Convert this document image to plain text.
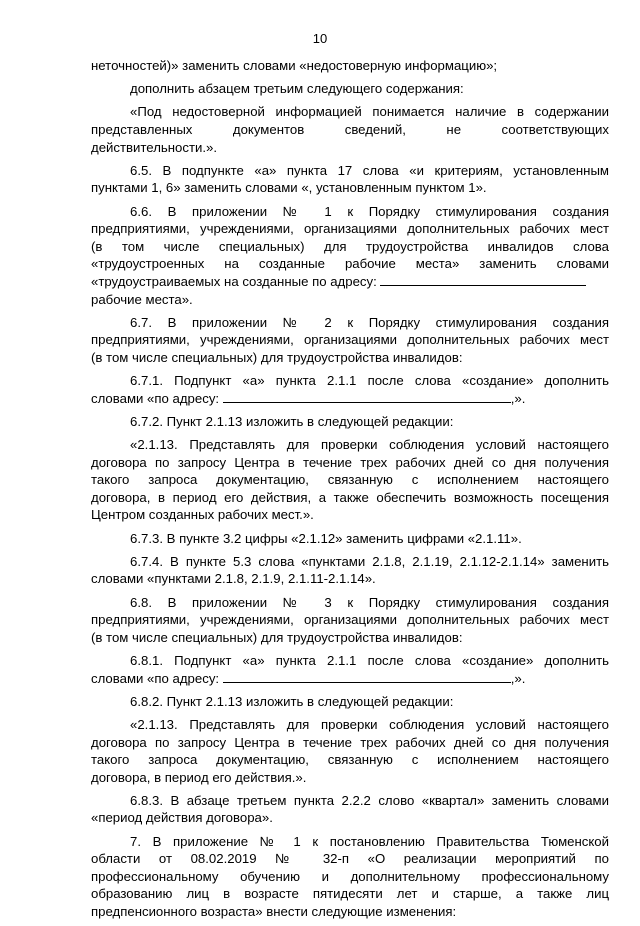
10
неточностей)» заменить словами «недостоверную информацию»;
дополнить абзацем третьим следующего содержания:
«Под недостоверной информацией понимается наличие в содержании
представленных документов сведений, не соответствующих
действительности.».
6.5. В подпункте «а» пункта 17 слова «и критериям, установленным
пунктами 1, 6» заменить словами «, установленным пунктом 1».
6.6. В приложении № 1 к Порядку стимулирования создания
предприятиями, учреждениями, организациями дополнительных рабочих мест
(в том числе специальных) для трудоустройства инвалидов слова
«трудоустроенных на созданные рабочие места» заменить словами
«трудоустраиваемых на созданные по адресу:
рабочие места».
6.7. В приложении № 2 к Порядку стимулирования создания
предприятиями, учреждениями, организациями дополнительных рабочих мест
(в том числе специальных) для трудоустройства инвалидов:
6.7.1. Подпункт «а» пункта 2.1.1 после слова «создание» дополнить
словами «по адресу:	,».
6.7.2. Пункт 2.1.13 изложить в следующей редакции:
«2.1.13. Представлять для проверки соблюдения условий настоящего
договора по запросу Центра в течение трех рабочих дней со дня получения
такого запроса документацию, связанную с исполнением настоящего
договора, в период его действия, а также обеспечить возможность посещения
Центром созданных рабочих мест.».
6.7.3. В пункте 3.2 цифры «2.1.12» заменить цифрами «2.1.11».
6.7.4. В пункте 5.3 слова «пунктами 2.1.8, 2.1.19, 2.1.12-2.1.14» заменить
словами «пунктами 2.1.8, 2.1.9, 2.1.11-2.1.14».
6.8. В приложении № 3 к Порядку стимулирования создания
предприятиями, учреждениями, организациями дополнительных рабочих мест
(в том числе специальных) для трудоустройства инвалидов:
6.8.1. Подпункт «а» пункта 2.1.1 после слова «создание» дополнить
словами «по адресу:	,».
6.8.2. Пункт 2.1.13 изложить в следующей редакции:
«2.1.13. Представлять для проверки соблюдения условий настоящего
договора по запросу Центра в течение трех рабочих дней со дня получения
такого запроса документацию, связанную с исполнением настоящего
договора, в период его действия.».
6.8.3. В абзаце третьем пункта 2.2.2 слово «квартал» заменить словами
«период действия договора».
7. В приложение № 1 к постановлению Правительства Тюменской
области от 08.02.2019 № 32-п «О реализации мероприятий по
профессиональному обучению и дополнительному профессиональному
образованию лиц в возрасте пятидесяти лет и старше, а также лиц
предпенсионного возраста» внести следующие изменения:
